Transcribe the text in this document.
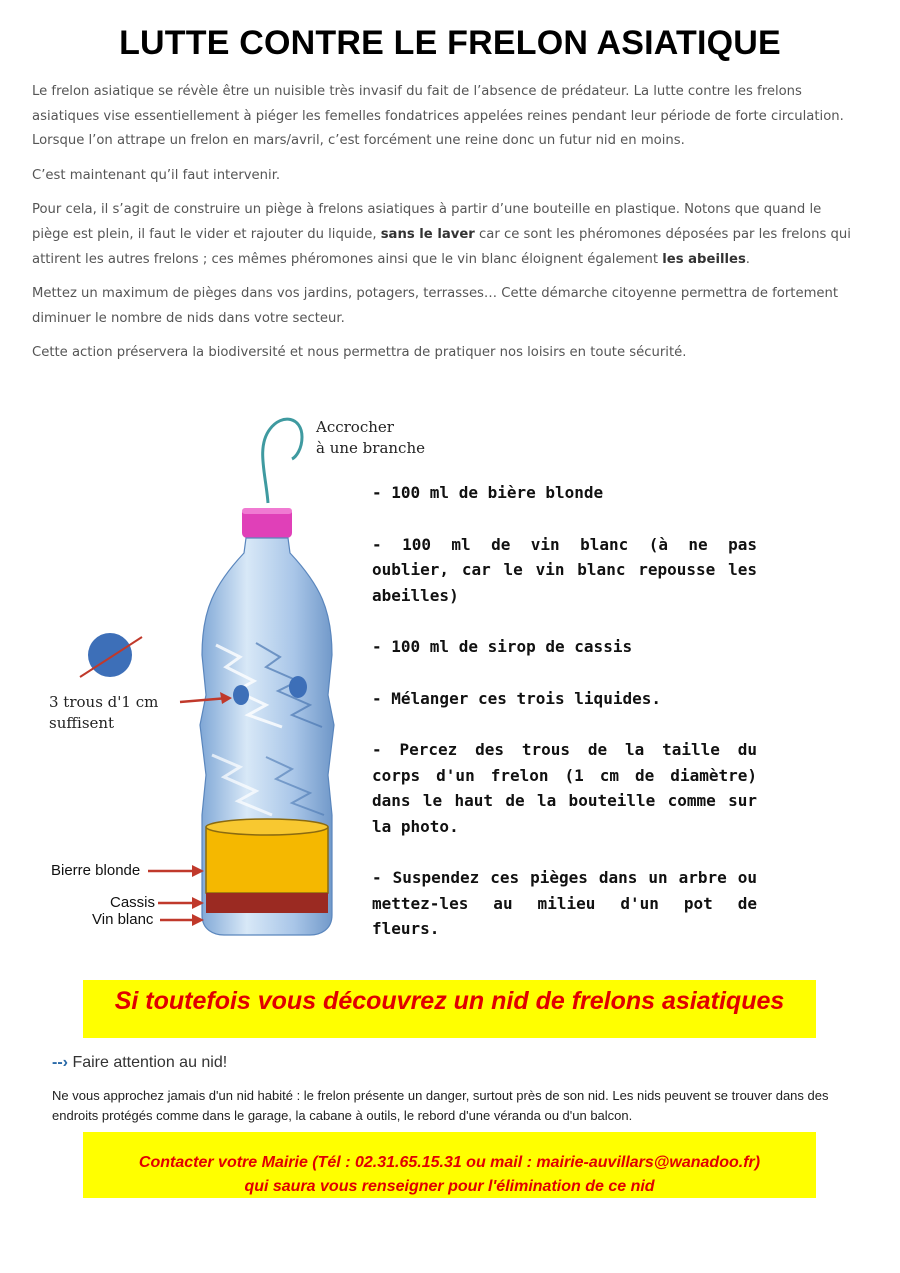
LUTTE CONTRE LE FRELON ASIATIQUE

Le frelon asiatique se révèle être un nuisible très invasif du fait de l’absence de prédateur. La lutte contre les frelons asiatiques vise essentiellement à piéger les femelles fondatrices appelées reines pendant leur période de forte circulation. Lorsque l’on attrape un frelon en mars/avril, c’est forcément une reine donc un futur nid en moins.

C’est maintenant qu’il faut intervenir.

Pour cela, il s’agit de construire un piège à frelons asiatiques à partir d’une bouteille en plastique. Notons que quand le piège est plein, il faut le vider et rajouter du liquide, sans le laver car ce sont les phéromones déposées par les frelons qui attirent les autres frelons ; ces mêmes phéromones ainsi que le vin blanc éloignent également les abeilles.

Mettez un maximum de pièges dans vos jardins, potagers, terrasses… Cette démarche citoyenne permettra de fortement diminuer le nombre de nids dans votre secteur.

Cette action préservera la biodiversité et nous permettra de pratiquer nos loisirs en toute sécurité.

Accrocher
à une branche
3 trous d'1 cm
suffisent
Bierre blonde
Cassis
Vin blanc
- 100 ml de bière blonde
- 100 ml de vin blanc (à ne pas oublier, car le vin blanc repousse les abeilles)
- 100 ml de sirop de cassis
- Mélanger ces trois liquides.
- Percez des trous de la taille du corps d'un frelon (1 cm de diamètre) dans le haut de la bouteille comme sur la photo.
- Suspendez ces pièges dans un arbre ou mettez-les au milieu d'un pot de fleurs.
Si toutefois vous découvrez un nid de frelons asiatiques
--› Faire attention au nid!
Ne vous approchez jamais d'un nid habité : le frelon présente un danger, surtout près de son nid. Les nids peuvent se trouver dans des endroits protégés comme dans le garage, la cabane à outils, le rebord d'une véranda ou d'un balcon.
Contacter votre Mairie (Tél : 02.31.65.15.31 ou mail : mairie-auvillars@wanadoo.fr)
qui saura vous renseigner pour l'élimination de ce nid
